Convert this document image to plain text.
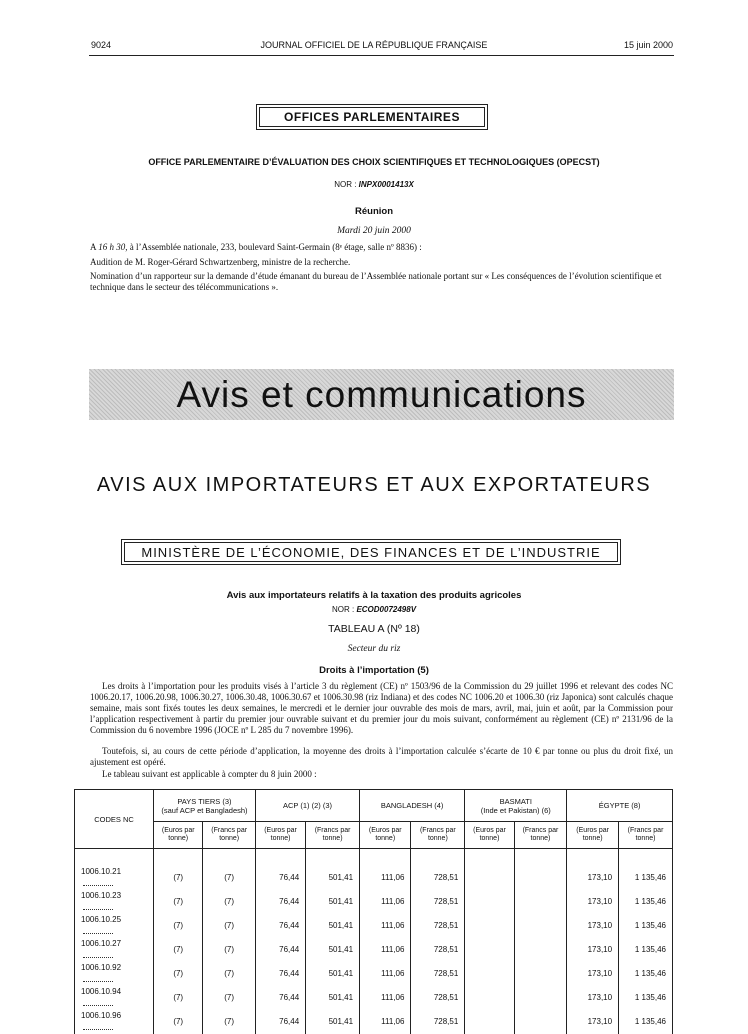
9024	JOURNAL OFFICIEL DE LA RÉPUBLIQUE FRANÇAISE	15 juin 2000
OFFICES PARLEMENTAIRES
OFFICE PARLEMENTAIRE D’ÉVALUATION DES CHOIX SCIENTIFIQUES ET TECHNOLOGIQUES (OPECST)
NOR : INPX0001413X
Réunion
Mardi 20 juin 2000
A 16 h 30, à l’Assemblée nationale, 233, boulevard Saint-Germain (8ᵉ étage, salle nº 8836) :
Audition de M. Roger-Gérard Schwartzenberg, ministre de la recherche.
Nomination d’un rapporteur sur la demande d’étude émanant du bureau de l’Assemblée nationale portant sur « Les conséquences de l’évolution scientifique et technique dans le secteur des télécommunications ».
Avis et communications
AVIS AUX IMPORTATEURS ET AUX EXPORTATEURS
MINISTÈRE DE L’ÉCONOMIE, DES FINANCES ET DE L’INDUSTRIE
Avis aux importateurs relatifs à la taxation des produits agricoles
NOR : ECOD0072498V
TABLEAU A (Nº 18)
Secteur du riz
Droits à l’importation (5)
Les droits à l’importation pour les produits visés à l’article 3 du règlement (CE) nº 1503/96 de la Commission du 29 juillet 1996 et relevant des codes NC 1006.20.17, 1006.20.98, 1006.30.27, 1006.30.48, 1006.30.67 et 1006.30.98 (riz Indiana) et des codes NC 1006.20 et 1006.30 (riz Japonica) sont calculés chaque semaine, mais sont fixés toutes les deux semaines, le mercredi et le dernier jour ouvrable des mois de mars, avril, mai, juin et août, par la Commission pour l’application respectivement à partir du premier jour ouvrable suivant et du premier jour du mois suivant, conformément au règlement (CE) nº 2131/96 de la Commission du 6 novembre 1996 (JOCE nº L 285 du 7 novembre 1996).
Toutefois, si, au cours de cette période d’application, la moyenne des droits à l’importation calculée s’écarte de 10 € par tonne ou plus du droit fixé, un ajustement est opéré.
Le tableau suivant est applicable à compter du 8 juin 2000 :
CODES NC	PAYS TIERS (3)
(sauf ACP et Bangladesh)		ACP (1) (2) (3)		BANGLADESH (4)		BASMATI
(Inde et Pakistan) (6)		ÉGYPTE (8)	
	(Euros par tonne)	(Francs par tonne)	(Euros par tonne)	(Francs par tonne)	(Euros par tonne)	(Francs par tonne)	(Euros par tonne)	(Francs par tonne)	(Euros par tonne)	(Francs par tonne)

1006.10.21	(7)	(7)	76,44	501,41	111,06	728,51			173,10	1 135,46
1006.10.23	(7)	(7)	76,44	501,41	111,06	728,51			173,10	1 135,46
1006.10.25	(7)	(7)	76,44	501,41	111,06	728,51			173,10	1 135,46
1006.10.27	(7)	(7)	76,44	501,41	111,06	728,51			173,10	1 135,46
1006.10.92	(7)	(7)	76,44	501,41	111,06	728,51			173,10	1 135,46
1006.10.94	(7)	(7)	76,44	501,41	111,06	728,51			173,10	1 135,46
1006.10.96	(7)	(7)	76,44	501,41	111,06	728,51			173,10	1 135,46
